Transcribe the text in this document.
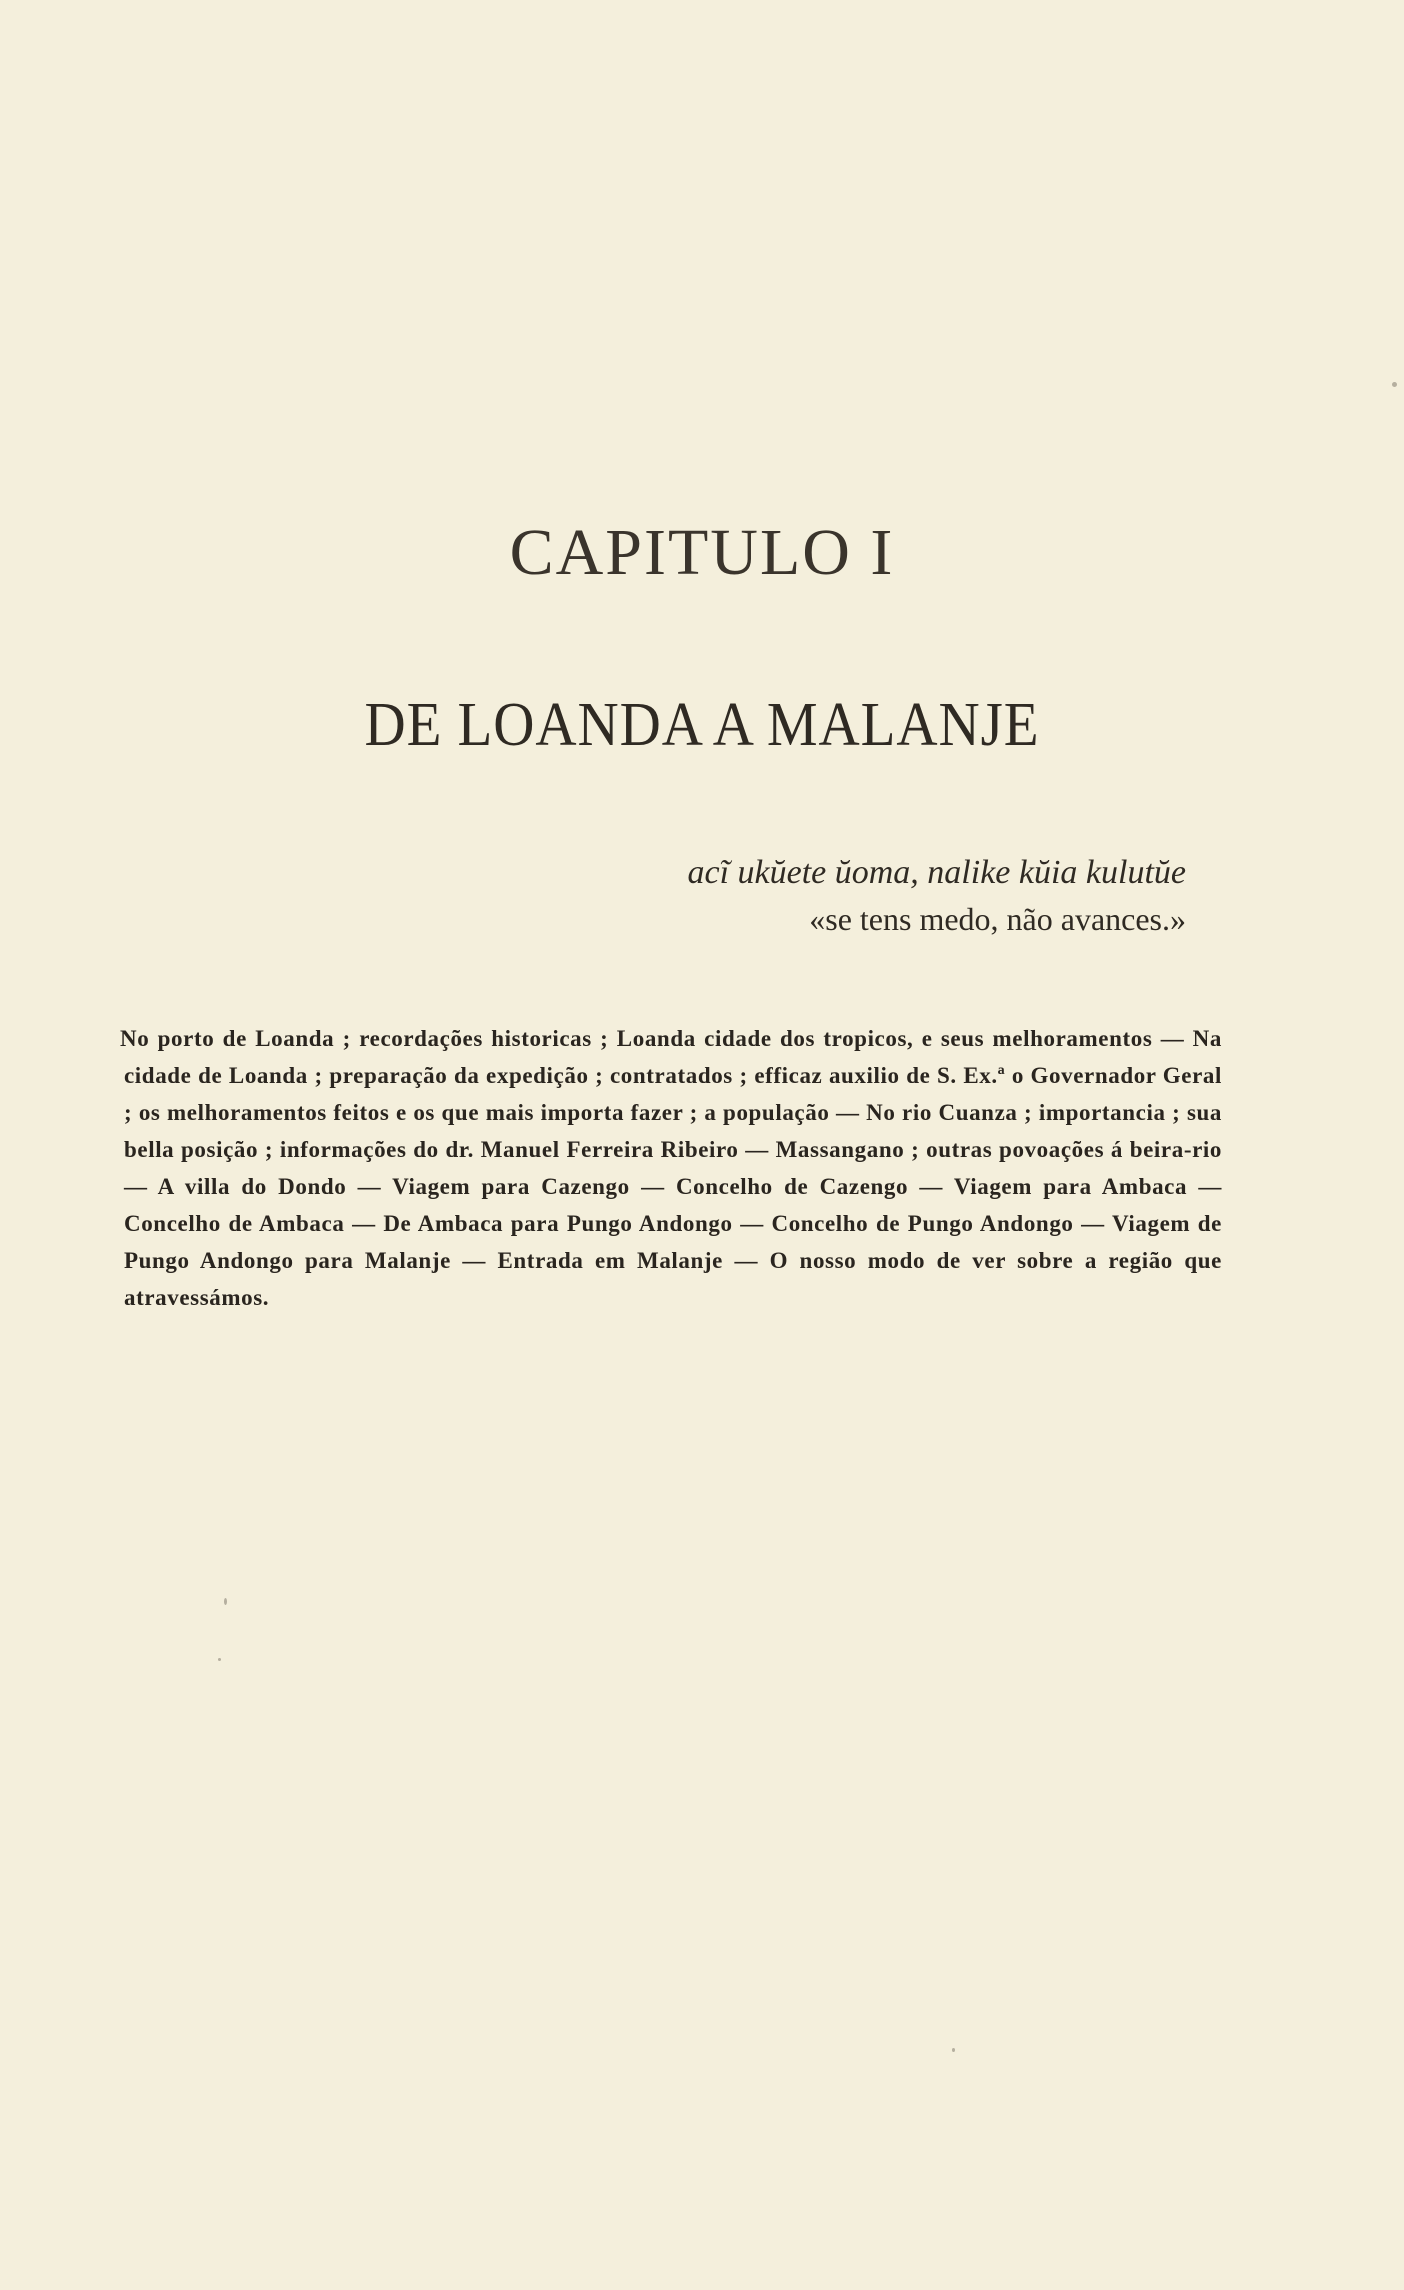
CAPITULO I
DE LOANDA A MALANJE
acĩ ukŭete ŭoma, nalike kŭia kulutŭe
«se tens medo, não avances.»

No porto de Loanda ; recordações historicas ; Loanda cidade dos tropicos, e seus melhoramentos — Na cidade de Loanda ; preparação da expedição ; contratados ; efficaz auxilio de S. Ex.ª o Governador Geral ; os melhoramentos feitos e os que mais importa fazer ; a população — No rio Cuanza ; importancia ; sua bella posição ; informações do dr. Manuel Ferreira Ribeiro — Massangano ; outras povoações á beira-rio — A villa do Dondo — Viagem para Cazengo — Concelho de Cazengo — Viagem para Ambaca — Concelho de Ambaca — De Ambaca para Pungo Andongo — Concelho de Pungo Andongo — Viagem de Pungo Andongo para Malanje — Entrada em Malanje — O nosso modo de ver sobre a região que atravessámos.
